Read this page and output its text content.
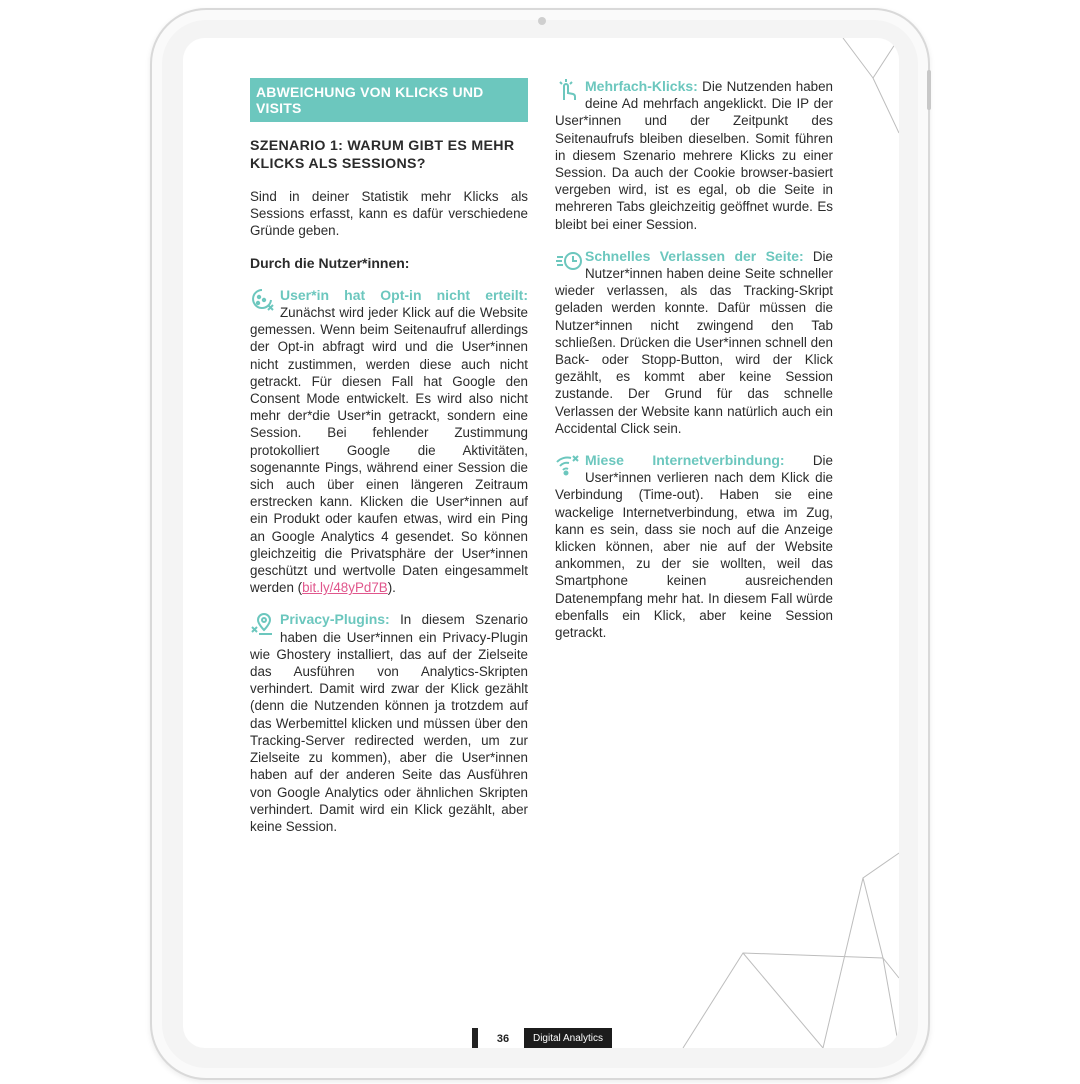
ABWEICHUNG VON KLICKS UND VISITS
SZENARIO 1: WARUM GIBT ES MEHR KLICKS ALS SESSIONS?

Sind in deiner Statistik mehr Klicks als Sessions erfasst, kann es dafür verschiedene Gründe geben.

Durch die Nutzer*innen:

User*in hat Opt-in nicht erteilt: Zunächst wird jeder Klick auf die Website gemessen. Wenn beim Seitenaufruf allerdings der Opt-in abfragt wird und die User*innen nicht zustimmen, werden diese auch nicht getrackt. Für diesen Fall hat Google den Consent Mode entwickelt. Es wird also nicht mehr der*die User*in getrackt, sondern eine Session. Bei fehlender Zustimmung protokolliert Google die Aktivitäten, sogenannte Pings, während einer Session die sich auch über einen längeren Zeitraum erstrecken kann. Klicken die User*innen auf ein Produkt oder kaufen etwas, wird ein Ping an Google Analytics 4 gesendet. So können gleichzeitig die Privatsphäre der User*innen geschützt und wertvolle Daten eingesammelt werden (bit.ly/48yPd7B).

Privacy-Plugins: In diesem Szenario haben die User*innen ein Privacy-Plugin wie Ghostery installiert, das auf der Zielseite das Ausführen von Analytics-Skripten verhindert. Damit wird zwar der Klick gezählt (denn die Nutzenden können ja trotzdem auf das Werbemittel klicken und müssen über den Tracking-Server redirected werden, um zur Zielseite zu kommen), aber die User*innen haben auf der anderen Seite das Ausführen von Google Analytics oder ähnlichen Skripten verhindert. Damit wird ein Klick gezählt, aber keine Session.

Mehrfach-Klicks: Die Nutzenden haben deine Ad mehrfach angeklickt. Die IP der User*innen und der Zeitpunkt des Seitenaufrufs bleiben dieselben. Somit führen in diesem Szenario mehrere Klicks zu einer Session. Da auch der Cookie browser-basiert vergeben wird, ist es egal, ob die Seite in mehreren Tabs gleichzeitig geöffnet wurde. Es bleibt bei einer Session.

Schnelles Verlassen der Seite: Die Nutzer*innen haben deine Seite schneller wieder verlassen, als das Tracking-Skript geladen werden konnte. Dafür müssen die Nutzer*innen nicht zwingend den Tab schließen. Drücken die User*innen schnell den Back- oder Stopp-Button, wird der Klick gezählt, es kommt aber keine Session zustande. Der Grund für das schnelle Verlassen der Website kann natürlich auch ein Accidental Click sein.

Miese Internetverbindung: Die User*innen verlieren nach dem Klick die Verbindung (Time-out). Haben sie eine wackelige Internetverbindung, etwa im Zug, kann es sein, dass sie noch auf die Anzeige klicken können, aber nie auf der Website ankommen, zu der sie wollten, weil das Smartphone keinen ausreichenden Datenempfang mehr hat. In diesem Fall würde ebenfalls ein Klick, aber keine Session getrackt.

36	Digital Analytics
